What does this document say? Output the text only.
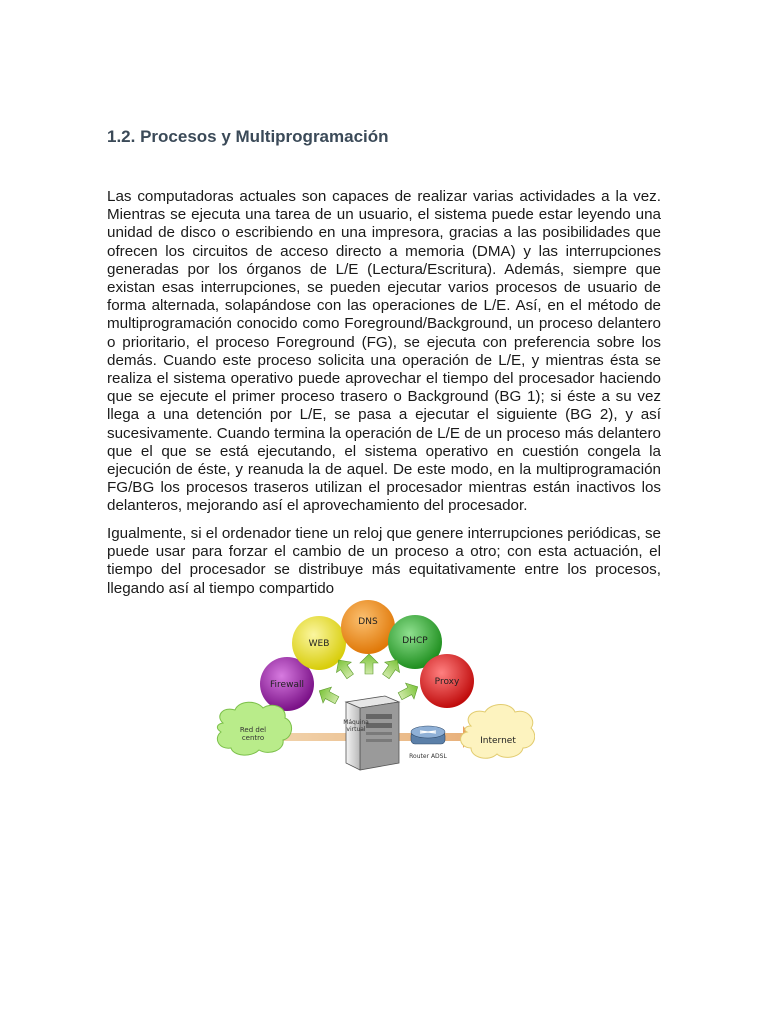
1.2. Procesos y Multiprogramación

Las computadoras actuales son capaces de realizar varias actividades a la vez. Mientras se ejecuta una tarea de un usuario, el sistema puede estar leyendo una unidad de disco o escribiendo en una impresora, gracias a las posibilidades que ofrecen los circuitos de acceso directo a memoria (DMA) y las interrupciones generadas por los órganos de L/E (Lectura/Escritura). Además, siempre que existan esas interrupciones, se pueden ejecutar varios procesos de usuario de forma alternada, solapándose con las operaciones de L/E. Así, en el método de multiprogramación conocido como Foreground/Background, un proceso delantero o prioritario, el proceso Foreground (FG), se ejecuta con preferencia sobre los demás. Cuando este proceso solicita una operación de L/E, y mientras ésta se realiza el sistema operativo puede aprovechar el tiempo del procesador haciendo que se ejecute el primer proceso trasero o Background (BG 1); si éste a su vez llega a una detención por L/E, se pasa a ejecutar el siguiente (BG 2), y así sucesivamente. Cuando termina la operación de L/E de un proceso más delantero que el que se está ejecutando, el sistema operativo en cuestión congela la ejecución de éste, y reanuda la de aquel. De este modo, en la multiprogramación FG/BG los procesos traseros utilizan el procesador mientras están inactivos los delanteros, mejorando así el aprovechamiento del procesador.

Igualmente, si el ordenador tiene un reloj que genere interrupciones periódicas, se puede usar para forzar el cambio de un proceso a otro; con esta actuación, el tiempo del procesador se distribuye más equitativamente entre los procesos, llegando así al tiempo compartido

Firewall
WEB
DNS
DHCP
Proxy
Red del
centro	Internet
Máquina
virtual
Router ADSL
